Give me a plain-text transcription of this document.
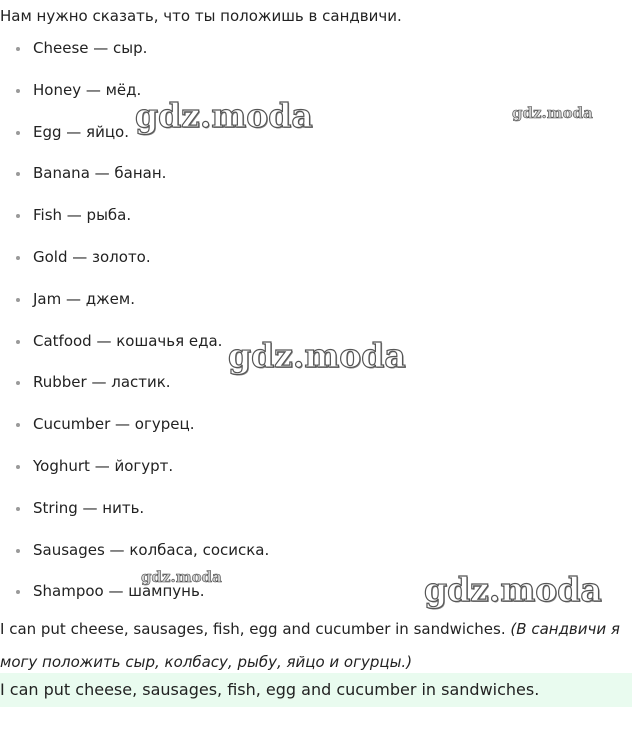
Нам нужно сказать, что ты положишь в сандвичи.
Cheese — сыр.
Honey — мёд.
Egg — яйцо.
Banana — банан.
Fish — рыба.
Gold — золото.
Jam — джем.
Catfood — кошачья еда.
Rubber — ластик.
Cucumber — огурец.
Yoghurt — йогурт.
String — нить.
Sausages — колбаса, сосиска.
Shampoo — шампунь.
I can put cheese, sausages, fish, egg and cucumber in sandwiches. (В сандвичи я могу положить сыр, колбасу, рыбу, яйцо и огурцы.)
I can put cheese, sausages, fish, egg and cucumber in sandwiches.
gdz.moda	gdz.moda
gdz.moda
gdz.moda	gdz.moda
